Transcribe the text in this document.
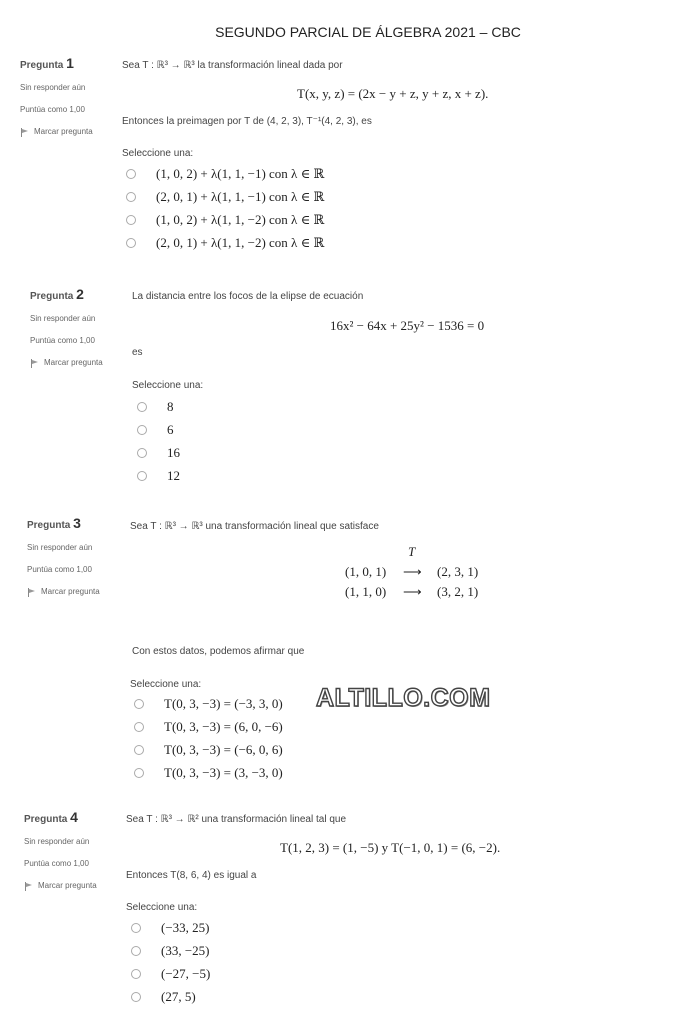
SEGUNDO PARCIAL DE ÁLGEBRA 2021 – CBC
Pregunta 1
Sin responder aún
Puntúa como 1,00
Marcar pregunta
Sea T : ℝ³ → ℝ³ la transformación lineal dada por
T(x, y, z) = (2x − y + z, y + z, x + z).
Entonces la preimagen por T de (4, 2, 3), T⁻¹(4, 2, 3), es
Seleccione una:
(1, 0, 2) + λ(1, 1, −1) con λ ∈ ℝ
(2, 0, 1) + λ(1, 1, −1) con λ ∈ ℝ
(1, 0, 2) + λ(1, 1, −2) con λ ∈ ℝ
(2, 0, 1) + λ(1, 1, −2) con λ ∈ ℝ
Pregunta 2
Sin responder aún
Puntúa como 1,00
Marcar pregunta
La distancia entre los focos de la elipse de ecuación
16x² − 64x + 25y² − 1536 = 0
es
Seleccione una:
8
6
16
12
Pregunta 3
Sin responder aún
Puntúa como 1,00
Marcar pregunta
Sea T : ℝ³ → ℝ³ una transformación lineal que satisface
T
(1, 0, 1) ⟶ (2, 3, 1)
(1, 1, 0) ⟶ (3, 2, 1)
Con estos datos, podemos afirmar que
Seleccione una:
T(0, 3, −3) = (−3, 3, 0)
T(0, 3, −3) = (6, 0, −6)
T(0, 3, −3) = (−6, 0, 6)
T(0, 3, −3) = (3, −3, 0)
ALTILLO.COM
Pregunta 4
Sin responder aún
Puntúa como 1,00
Marcar pregunta
Sea T : ℝ³ → ℝ² una transformación lineal tal que
T(1, 2, 3) = (1, −5) y T(−1, 0, 1) = (6, −2).
Entonces T(8, 6, 4) es igual a
Seleccione una:
(−33, 25)
(33, −25)
(−27, −5)
(27, 5)
